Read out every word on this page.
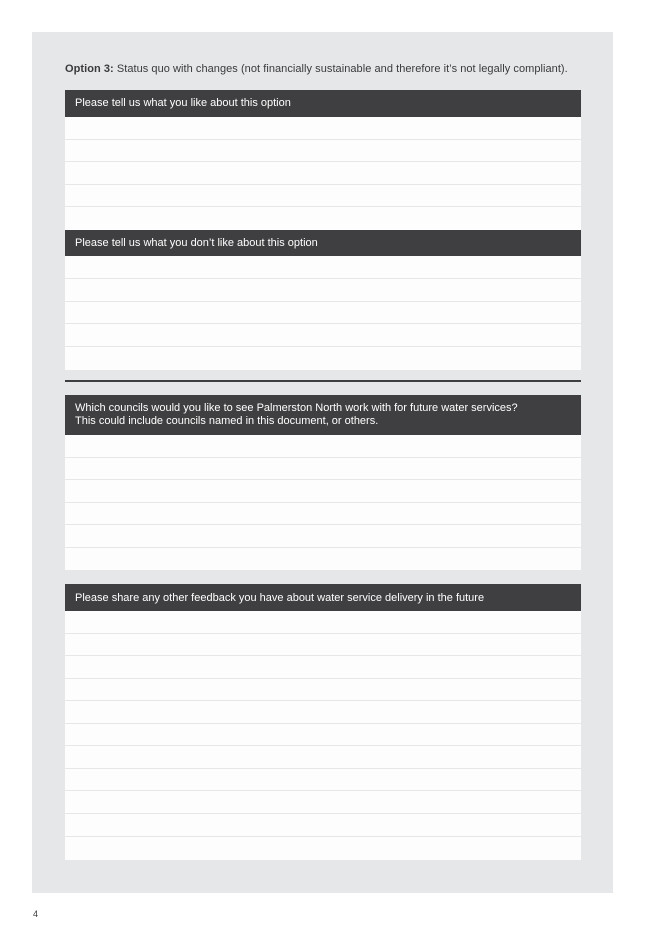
Option 3: Status quo with changes (not financially sustainable and therefore it’s not legally compliant).
Please tell us what you like about this option
Please tell us what you don’t like about this option
Which councils would you like to see Palmerston North work with for future water services?
This could include councils named in this document, or others.
Please share any other feedback you have about water service delivery in the future
4
